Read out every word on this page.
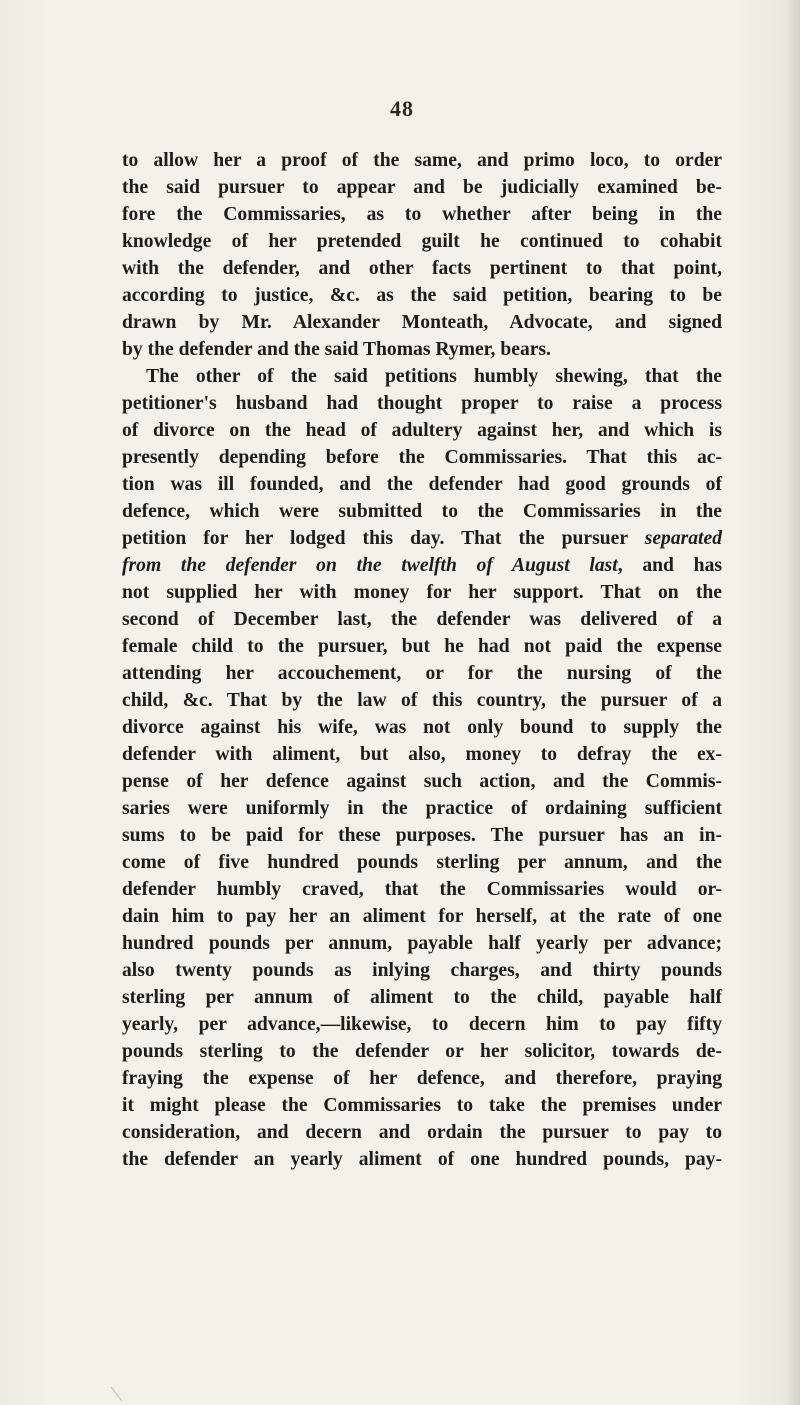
48
to allow her a proof of the same, and primo loco, to order
the said pursuer to appear and be judicially examined be-
fore the Commissaries, as to whether after being in the
knowledge of her pretended guilt he continued to cohabit
with the defender, and other facts pertinent to that point,
according to justice, &c. as the said petition, bearing to be
drawn by Mr. Alexander Monteath, Advocate, and signed
by the defender and the said Thomas Rymer, bears.
The other of the said petitions humbly shewing, that the
petitioner's husband had thought proper to raise a process
of divorce on the head of adultery against her, and which is
presently depending before the Commissaries. That this ac-
tion was ill founded, and the defender had good grounds of
defence, which were submitted to the Commissaries in the
petition for her lodged this day. That the pursuer separated
from the defender on the twelfth of August last, and has
not supplied her with money for her support. That on the
second of December last, the defender was delivered of a
female child to the pursuer, but he had not paid the expense
attending her accouchement, or for the nursing of the
child, &c. That by the law of this country, the pursuer of a
divorce against his wife, was not only bound to supply the
defender with aliment, but also, money to defray the ex-
pense of her defence against such action, and the Commis-
saries were uniformly in the practice of ordaining sufficient
sums to be paid for these purposes. The pursuer has an in-
come of five hundred pounds sterling per annum, and the
defender humbly craved, that the Commissaries would or-
dain him to pay her an aliment for herself, at the rate of one
hundred pounds per annum, payable half yearly per advance;
also twenty pounds as inlying charges, and thirty pounds
sterling per annum of aliment to the child, payable half
yearly, per advance,—likewise, to decern him to pay fifty
pounds sterling to the defender or her solicitor, towards de-
fraying the expense of her defence, and therefore, praying
it might please the Commissaries to take the premises under
consideration, and decern and ordain the pursuer to pay to
the defender an yearly aliment of one hundred pounds, pay-
